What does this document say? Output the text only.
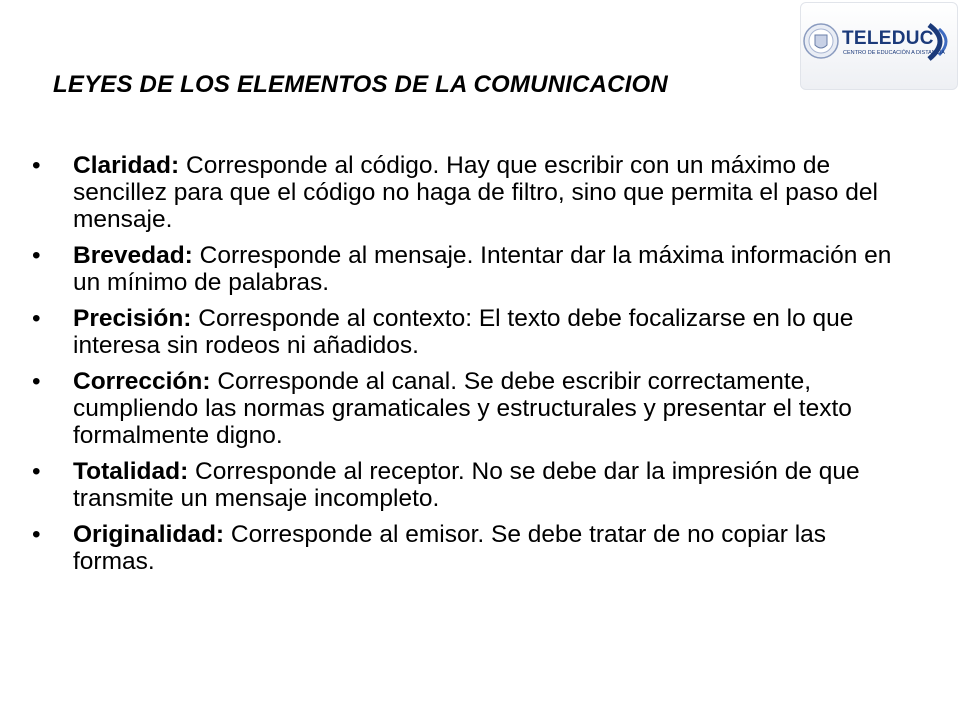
TELEDUC
CENTRO DE EDUCACIÓN A DISTANCIA
LEYES DE LOS ELEMENTOS DE LA COMUNICACION
• Claridad: Corresponde al código. Hay que escribir con un máximo de sencillez para que el código no haga de filtro, sino que permita el paso del mensaje.
• Brevedad: Corresponde al mensaje. Intentar dar la máxima información en un mínimo de palabras.
• Precisión: Corresponde al contexto: El texto debe focalizarse en lo que interesa sin rodeos ni añadidos.
• Corrección: Corresponde al canal. Se debe escribir correctamente, cumpliendo las normas gramaticales y estructurales y presentar el texto formalmente digno.
• Totalidad: Corresponde al receptor. No se debe dar la impresión de que transmite un mensaje incompleto.
• Originalidad: Corresponde al emisor. Se debe tratar de no copiar las formas.
